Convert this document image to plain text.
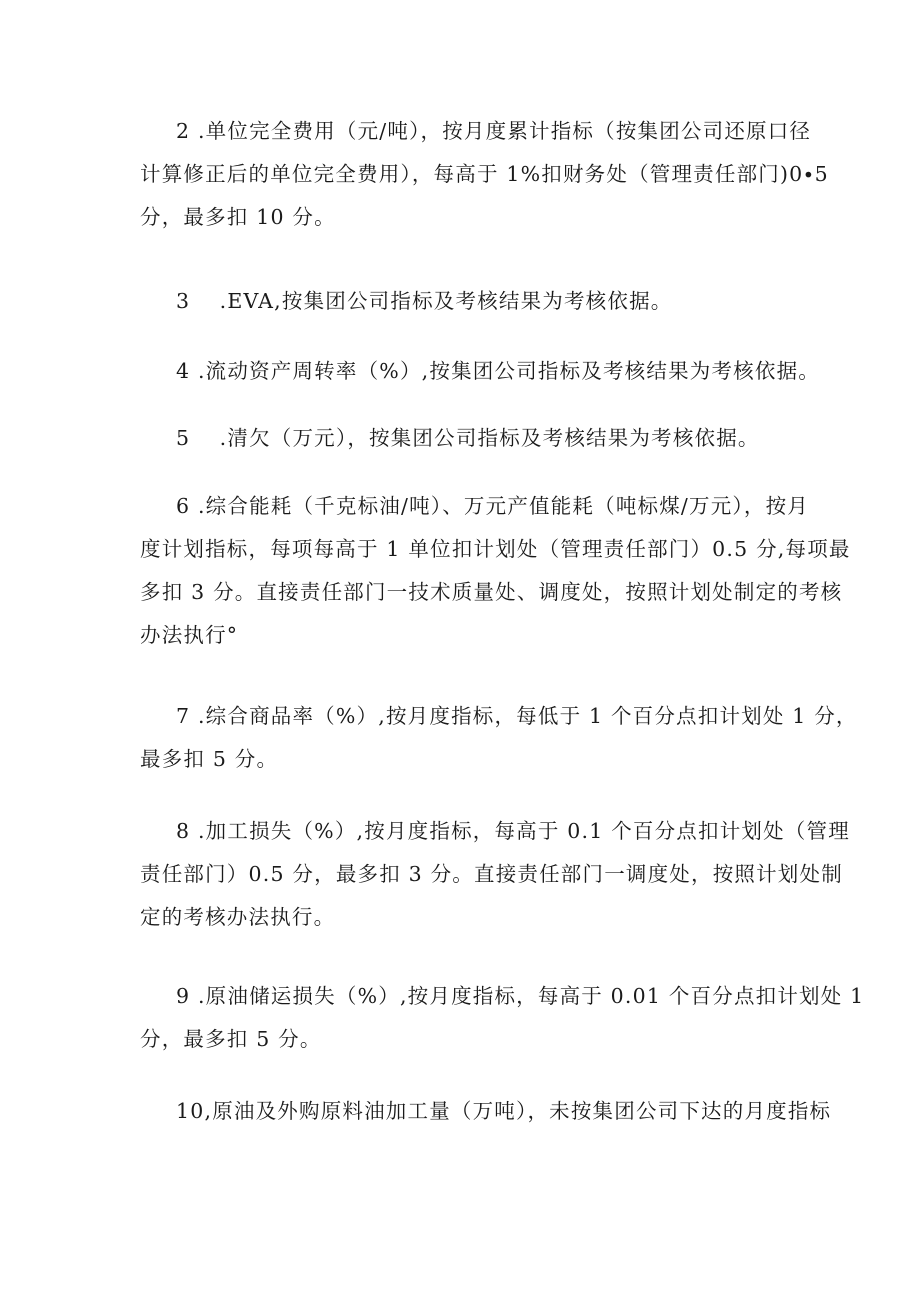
2 .单位完全费用（元/吨），按月度累计指标（按集团公司还原口径
计算修正后的单位完全费用），每高于 1%扣财务处（管理责任部门)0∙5
分，最多扣 10 分。

3　 .EVA,按集团公司指标及考核结果为考核依据。

4 .流动资产周转率（%）,按集团公司指标及考核结果为考核依据。

5　 .清欠（万元），按集团公司指标及考核结果为考核依据。

6 .综合能耗（千克标油/吨）、万元产值能耗（吨标煤/万元），按月
度计划指标，每项每高于 1 单位扣计划处（管理责任部门）0.5 分,每项最
多扣 3 分。直接责任部门一技术质量处、调度处，按照计划处制定的考核
办法执行°

7 .综合商品率（%）,按月度指标，每低于 1 个百分点扣计划处 1 分，
最多扣 5 分。

8 .加工损失（%）,按月度指标，每高于 0.1 个百分点扣计划处（管理
责任部门）0.5 分，最多扣 3 分。直接责任部门一调度处，按照计划处制
定的考核办法执行。

9 .原油储运损失（%）,按月度指标，每高于 0.01 个百分点扣计划处 1
分，最多扣 5 分。

10,原油及外购原料油加工量（万吨），未按集团公司下达的月度指标
